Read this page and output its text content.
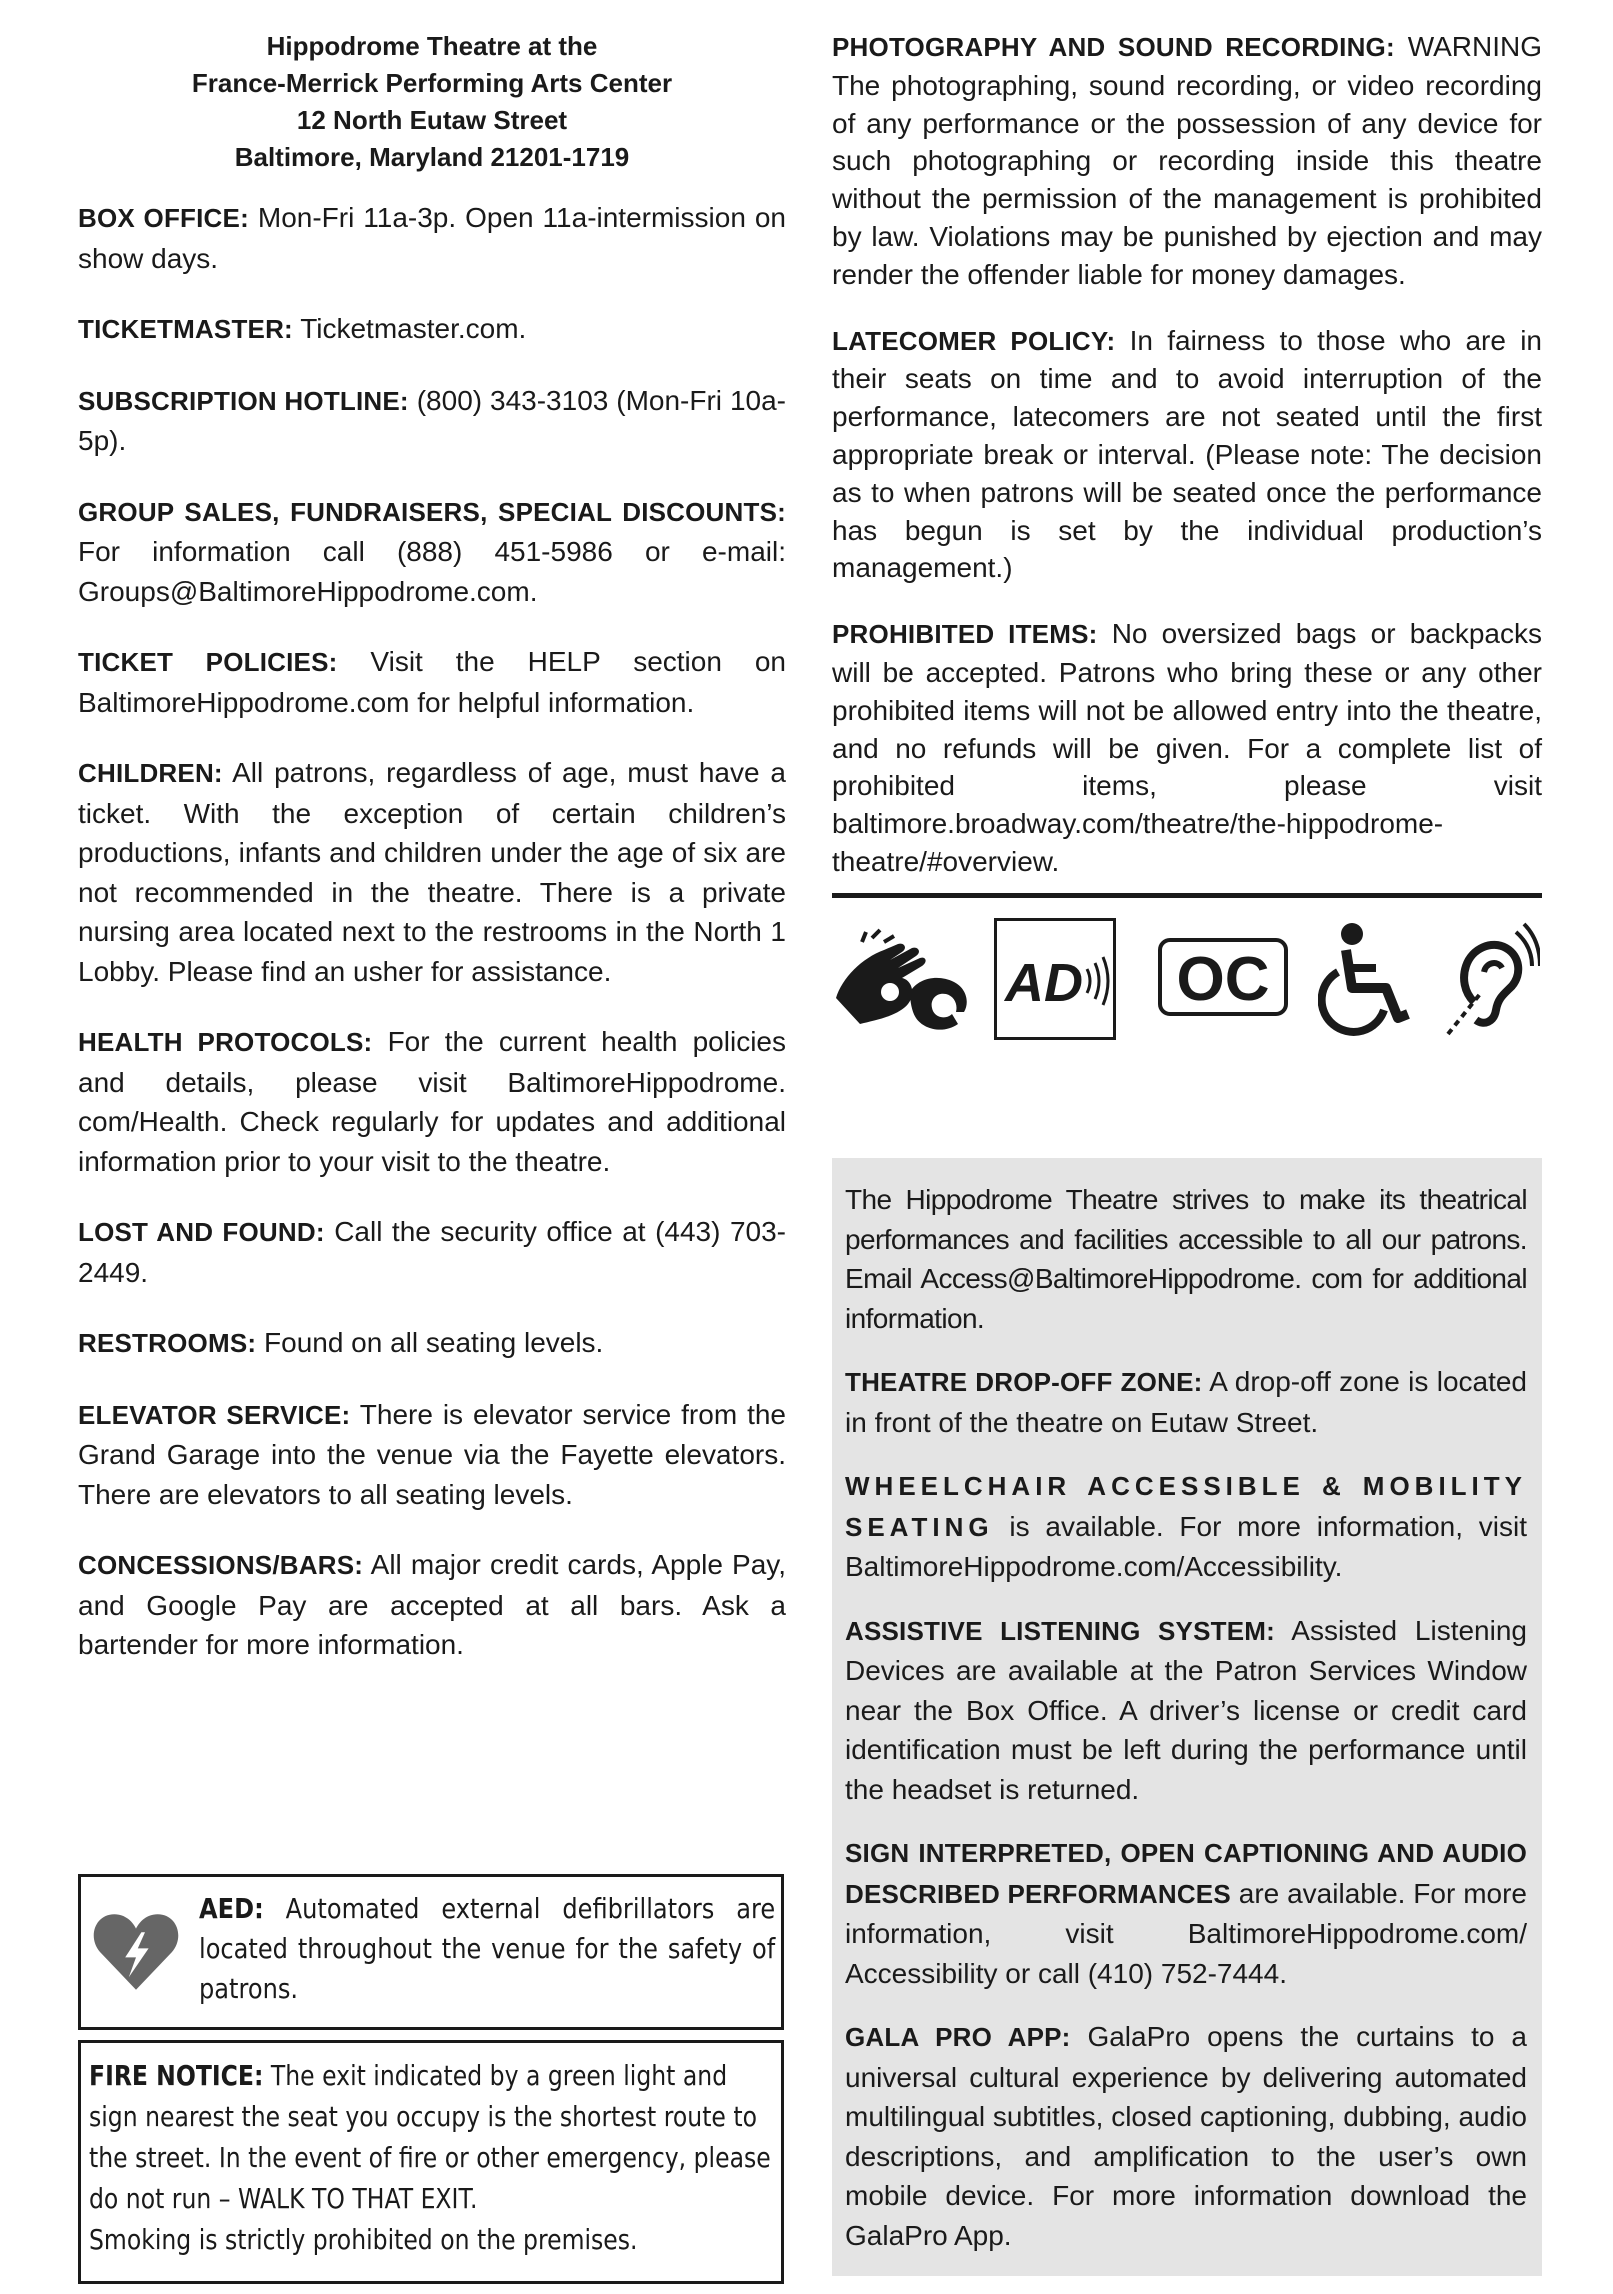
Hippodrome Theatre at the
France-Merrick Performing Arts Center
12 North Eutaw Street
Baltimore, Maryland 21201-1719

BOX OFFICE: Mon-Fri 11a-3p. Open 11a-intermission on show days.

TICKETMASTER: Ticketmaster.com.

SUBSCRIPTION HOTLINE: (800) 343-3103 (Mon-Fri 10a-5p).

GROUP SALES, FUNDRAISERS, SPECIAL DISCOUNTS: For information call (888) 451-5986 or e-mail: Groups@BaltimoreHippodrome.com.

TICKET POLICIES: Visit the HELP section on BaltimoreHippodrome.com for helpful information.

CHILDREN: All patrons, regardless of age, must have a ticket. With the exception of certain children’s productions, infants and children under the age of six are not recommended in the theatre. There is a private nursing area located next to the restrooms in the North 1 Lobby. Please find an usher for assistance.

HEALTH PROTOCOLS: For the current health policies and details, please visit BaltimoreHippodrome. com/Health. Check regularly for updates and additional information prior to your visit to the theatre.

LOST AND FOUND: Call the security office at (443) 703-2449.

RESTROOMS: Found on all seating levels.

ELEVATOR SERVICE: There is elevator service from the Grand Garage into the venue via the Fayette elevators. There are elevators to all seating levels.

CONCESSIONS/BARS: All major credit cards, Apple Pay, and Google Pay are accepted at all bars. Ask a bartender for more information.

AED: Automated external defibrillators are located throughout the venue for the safety of patrons.
FIRE NOTICE: The exit indicated by a green light and
sign nearest the seat you occupy is the shortest route to
the street. In the event of fire or other emergency, please
do not run – WALK TO THAT EXIT.
Smoking is strictly prohibited on the premises.

PHOTOGRAPHY AND SOUND RECORDING: WARNING The photographing, sound recording, or video recording of any performance or the possession of any device for such photographing or recording inside this theatre without the permission of the management is prohibited by law. Violations may be punished by ejection and may render the offender liable for money damages.

LATECOMER POLICY: In fairness to those who are in their seats on time and to avoid interruption of the performance, latecomers are not seated until the first appropriate break or interval. (Please note: The decision as to when patrons will be seated once the performance has begun is set by the individual production’s management.)

PROHIBITED ITEMS: No oversized bags or backpacks will be accepted. Patrons who bring these or any other prohibited items will not be allowed entry into the theatre, and no refunds will be given. For a complete list of prohibited items, please visit baltimore.broadway.com/theatre/the-hippodrome-theatre/#overview.

AD OC

The Hippodrome Theatre strives to make its theatrical performances and facilities accessible to all our patrons. Email Access@BaltimoreHippodrome. com for additional information.

THEATRE DROP-OFF ZONE: A drop-off zone is located in front of the theatre on Eutaw Street.

WHEELCHAIR ACCESSIBLE & MOBILITY SEATING is available. For more information, visit BaltimoreHippodrome.com/Accessibility.

ASSISTIVE LISTENING SYSTEM: Assisted Listening Devices are available at the Patron Services Window near the Box Office. A driver’s license or credit card identification must be left during the performance until the headset is returned.

SIGN INTERPRETED, OPEN CAPTIONING AND AUDIO DESCRIBED PERFORMANCES are available. For more information, visit BaltimoreHippodrome.com/ Accessibility or call (410) 752-7444.

GALA PRO APP: GalaPro opens the curtains to a universal cultural experience by delivering automated multilingual subtitles, closed captioning, dubbing, audio descriptions, and amplification to the user’s own mobile device. For more information download the GalaPro App.
